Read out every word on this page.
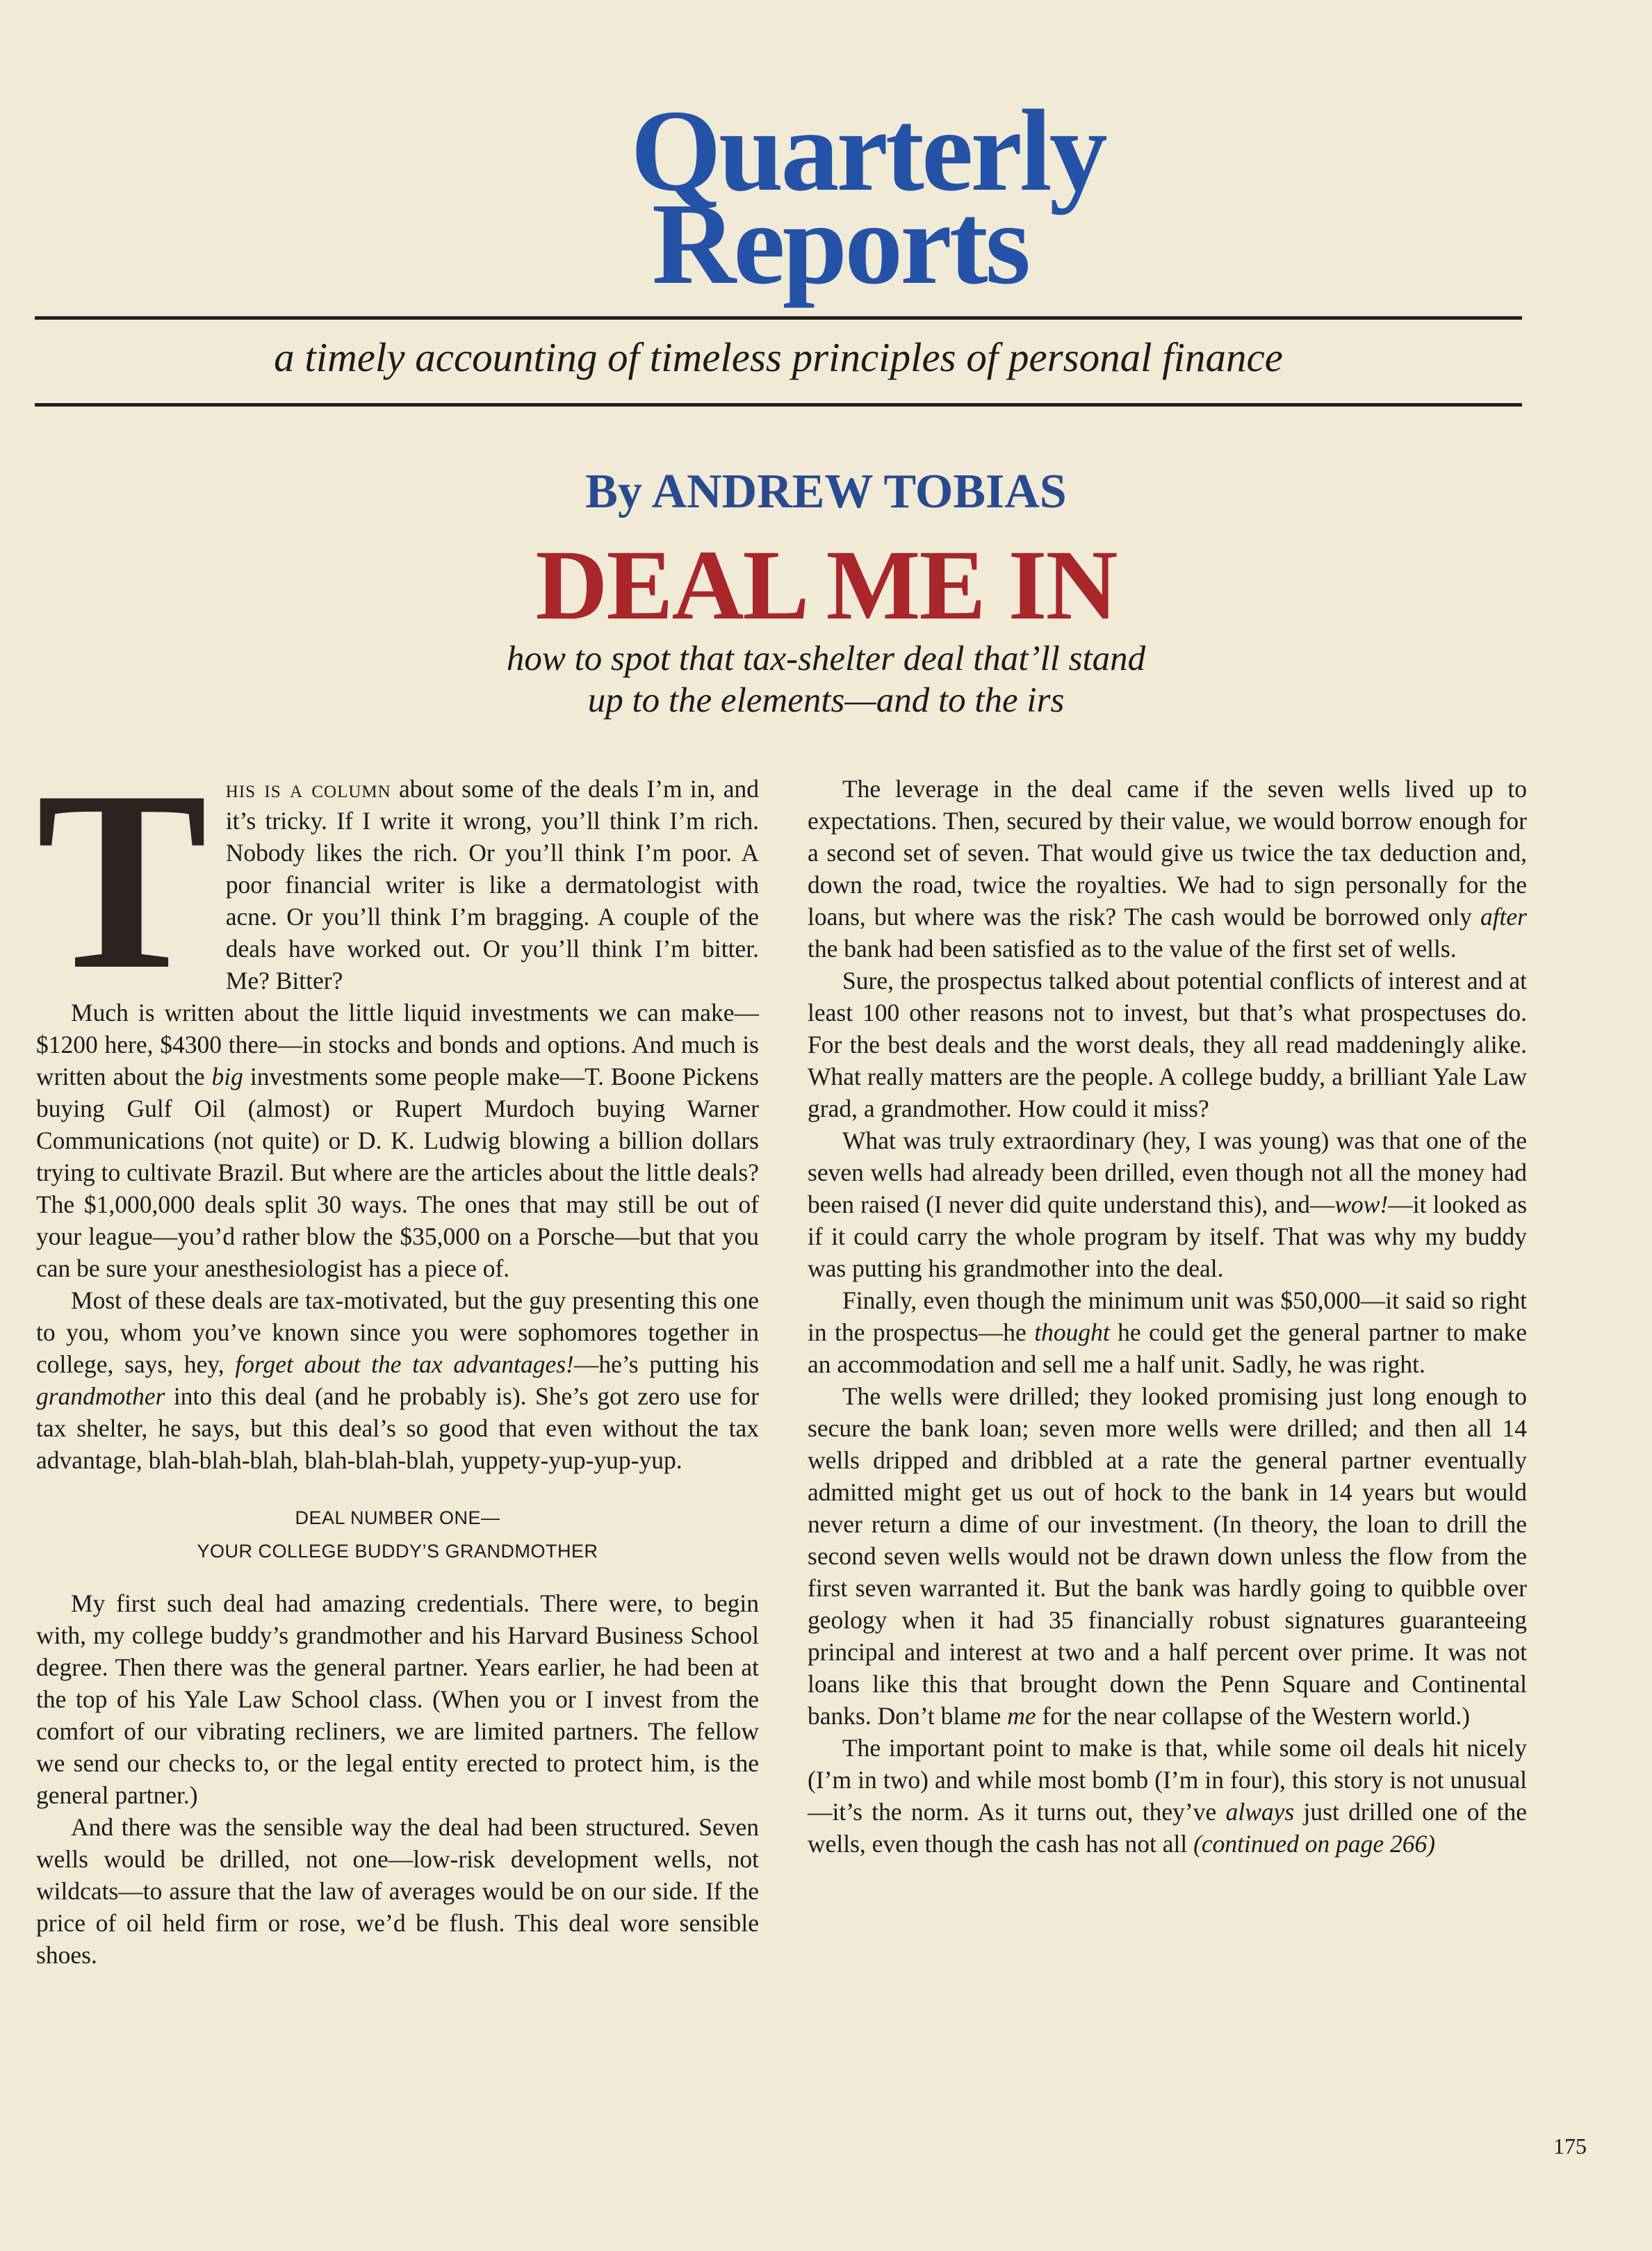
Quarterly
Reports
a timely accounting of timeless principles of personal finance
By ANDREW TOBIAS
DEAL ME IN
how to spot that tax-shelter deal that’ll stand
up to the elements—and to the irs

This is a column about some of the deals I’m in, and it’s tricky. If I write it wrong, you’ll think I’m rich. Nobody likes the rich. Or you’ll think I’m poor. A poor financial writer is like a dermatologist with acne. Or you’ll think I’m bragging. A couple of the deals have worked out. Or you’ll think I’m bitter. Me? Bitter?

Much is written about the little liquid investments we can make—$1200 here, $4300 there—in stocks and bonds and options. And much is written about the big investments some people make—T. Boone Pickens buying Gulf Oil (almost) or Rupert Murdoch buying Warner Communications (not quite) or D. K. Ludwig blowing a billion dollars trying to cultivate Brazil. But where are the articles about the little deals? The $1,000,000 deals split 30 ways. The ones that may still be out of your league—you’d rather blow the $35,000 on a Porsche—but that you can be sure your anesthesiologist has a piece of.

Most of these deals are tax-motivated, but the guy presenting this one to you, whom you’ve known since you were sophomores together in college, says, hey, forget about the tax advantages!—he’s putting his grandmother into this deal (and he probably is). She’s got zero use for tax shelter, he says, but this deal’s so good that even without the tax advantage, blah-blah-blah, blah-blah-blah, yuppety-yup-yup-yup.

DEAL NUMBER ONE—
YOUR COLLEGE BUDDY’S GRANDMOTHER

My first such deal had amazing credentials. There were, to begin with, my college buddy’s grandmother and his Harvard Business School degree. Then there was the general partner. Years earlier, he had been at the top of his Yale Law School class. (When you or I invest from the comfort of our vibrating recliners, we are limited partners. The fellow we send our checks to, or the legal entity erected to protect him, is the general partner.)

And there was the sensible way the deal had been structured. Seven wells would be drilled, not one—low-risk development wells, not wildcats—to assure that the law of averages would be on our side. If the price of oil held firm or rose, we’d be flush. This deal wore sensible shoes.

The leverage in the deal came if the seven wells lived up to expectations. Then, secured by their value, we would borrow enough for a second set of seven. That would give us twice the tax deduction and, down the road, twice the royalties. We had to sign personally for the loans, but where was the risk? The cash would be borrowed only after the bank had been satisfied as to the value of the first set of wells.

Sure, the prospectus talked about potential conflicts of interest and at least 100 other reasons not to invest, but that’s what prospectuses do. For the best deals and the worst deals, they all read maddeningly alike. What really matters are the people. A college buddy, a brilliant Yale Law grad, a grandmother. How could it miss?

What was truly extraordinary (hey, I was young) was that one of the seven wells had already been drilled, even though not all the money had been raised (I never did quite understand this), and—wow!—it looked as if it could carry the whole program by itself. That was why my buddy was putting his grandmother into the deal.

Finally, even though the minimum unit was $50,000—it said so right in the prospectus—he thought he could get the general partner to make an accommodation and sell me a half unit. Sadly, he was right.

The wells were drilled; they looked promising just long enough to secure the bank loan; seven more wells were drilled; and then all 14 wells dripped and dribbled at a rate the general partner eventually admitted might get us out of hock to the bank in 14 years but would never return a dime of our investment. (In theory, the loan to drill the second seven wells would not be drawn down unless the flow from the first seven warranted it. But the bank was hardly going to quibble over geology when it had 35 financially robust signatures guaranteeing principal and interest at two and a half percent over prime. It was not loans like this that brought down the Penn Square and Continental banks. Don’t blame me for the near collapse of the Western world.)

The important point to make is that, while some oil deals hit nicely (I’m in two) and while most bomb (I’m in four), this story is not unusual—it’s the norm. As it turns out, they’ve always just drilled one of the wells, even though the cash has not all (continued on page 266)

175
